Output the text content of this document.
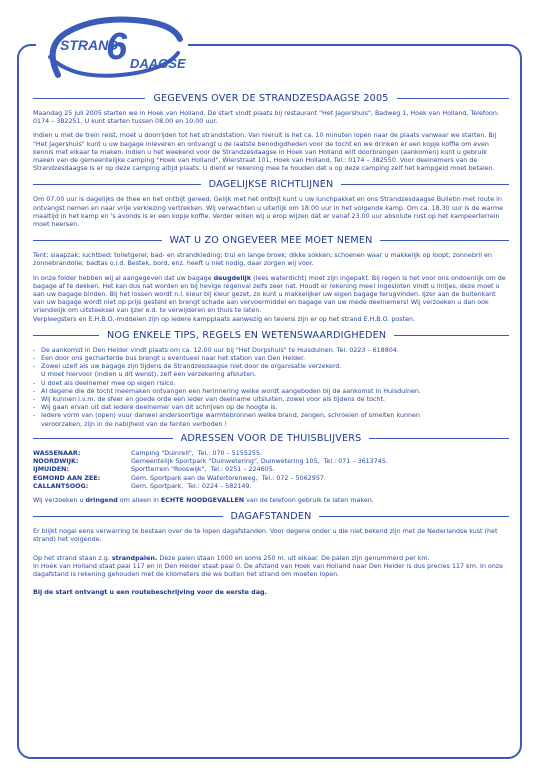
STRAND
6 DAAGSE
GEGEVENS OVER DE STRANDZESDAAGSE 2005

Maandag 25 juli 2005 starten we in Hoek van Holland. De start vindt plaats bij restaurant "Het Jagershuis", Badweg 1, Hoek van Holland, Telefoon: 0174 – 382251. U kunt starten tussen 08.00 en 10.00 uur.

Indien u met de trein reist, moet u doorrijden tot het strandstation. Van hieruit is het ca. 10 minuten lopen naar de plaats vanwaar we starten. Bij "Het Jagershuis" kunt u uw bagage inleveren en ontvangt u de laatste benodigdheden voor de tocht en we drinken er een kopje koffie om even kennis met elkaar te maken. Indien u het weekend voor de Strandzesdaagse in Hoek van Holland wilt doorbrengen (aankomen) kunt u gebruik maken van de gemeentelijke camping "Hoek van Holland", Wierstraat 101, Hoek van Holland, Tel.: 0174 – 382550. Voor deelnemers van de Strandzesdaagse is er op deze camping altijd plaats. U dient er rekening mee te houden dat u op deze camping zelf het kampgeld moet betalen.

DAGELIJKSE RICHTLIJNEN

Om 07.00 uur is dagelijks de thee en het ontbijt gereed. Gelijk met het ontbijt kunt u uw lunchpakket en ons Strandzesdaagse Bulletin met route in ontvangst nemen en naar vrije verkiezing vertrekken. Wij verwachten u uiterlijk om 18.00 uur in het volgende kamp. Om ca. 18.30 uur is de warme maaltijd in het kamp en 's avonds is er een kopje koffie. Verder willen wij u erop wijzen dat er vanaf 23.00 uur absolute rust op het kampeerterrein moet heersen.

WAT U ZO ONGEVEER MEE MOET NEMEN

Tent; slaapzak; luchtbed; toiletgerei; bad- en strandkleding; trui en lange broek; dikke sokken; schoenen waar u makkelijk op loopt; zonnebril en zonnebrandolie; badtas o.i.d. Bestek, bord, enz. heeft u niet nodig, daar zorgen wij voor.

In onze folder hebben wij al aangegeven dat uw bagage deugdelijk (lees waterdicht) moet zijn ingepakt. Bij regen is het voor ons ondoenlijk om de bagage af te dekken. Het kan dus nat worden en bij hevige regenval zelfs zeer nat. Houdt er rekening mee! Ingesloten vindt u lintjes, deze moet u aan uw bagage binden. Bij het lossen wordt n.l. kleur bij kleur gezet, zo kunt u makkelijker uw eigen bagage terugvinden. IJzer aan de buitenkant van uw bagage wordt niet op prijs gesteld en brengt schade aan vervoermiddel en bagage van uw mede deelnemers! Wij verzoeken u dan ook vriendelijk om uitsteeksel van ijzer e.d. te verwijderen en thuis te laten.

Verpleegsters en E.H.B.O.-middelen zijn op iedere kampplaats aanwezig en tevens zijn er op het strand E.H.B.O. posten.

NOG ENKELE TIPS, REGELS EN WETENSWAARDIGHEDEN
- De aankomst in Den Helder vindt plaats om ca. 12.00 uur bij "Het Dorpshuis" te Huisduinen. Tel. 0223 – 618804.
- Een door ons gecharterde bus brengt u eventueel naar het station van Den Helder.
- Zowel uzelf als uw bagage zijn tijdens de Strandzesdaagse niet door de organisatie verzekerd.
U moet hiervoor (indien u dit wenst), zelf een verzekering afsluiten.
- U doet als deelnemer mee op eigen risico.
- Al degene die de tocht meemaken ontvangen een herinnering welke wordt aangeboden bij de aankomst in Huisduinen.
- Wij kunnen i.v.m. de sfeer en goede orde een ieder van deelname uitsluiten, zowel voor als tijdens de tocht.
- Wij gaan ervan uit dat iedere deelnemer van dit schrijven op de hoogte is.
- Iedere vorm van (open) vuur danwel andersoortige warmtebronnen welke brand, zengen, schroeien of smelten kunnen
veroorzaken, zijn in de nabijheid van de tenten verboden !
ADRESSEN VOOR DE THUISBLIJVERS
WASSENAAR:	Camping "Duinrell", Tel.: 070 – 5155255.
NOORDWIJK:	Gemeentelijk Sportpark "Duinwetering", Duinwetering 105, Tel.: 071 – 3613745.
IJMUIDEN:	Sportterrein "Rooswijk", Tel.: 0251 – 224605.
EGMOND AAN ZEE:	Gem. Sportpark aan de Watertorenweg, Tel.: 072 – 5062957.
CALLANTSOOG:	Gem. Sportpark, Tel.: 0224 – 582149.

Wij verzoeken u dringend om alleen in ECHTE NOODGEVALLEN van de telefoon gebruik te laten maken.

DAGAFSTANDEN

Er blijkt nogal eens verwarring te bestaan over de te lopen dagafstanden. Voor degene onder u die niet bekend zijn met de Nederlandse kust (het strand) het volgende.

Op het strand staan z.g. strandpalen. Deze palen staan 1000 en soms 250 m. uit elkaar. De palen zijn genummerd per km.

In Hoek van Holland staat paal 117 en in Den Helder staat paal 0. De afstand van Hoek van Holland naar Den Helder is dus precies 117 km. In onze dagafstand is rekening gehouden met de kilometers die we buiten het strand om moeten lopen.

Bij de start ontvangt u een routebeschrijving voor de eerste dag.
